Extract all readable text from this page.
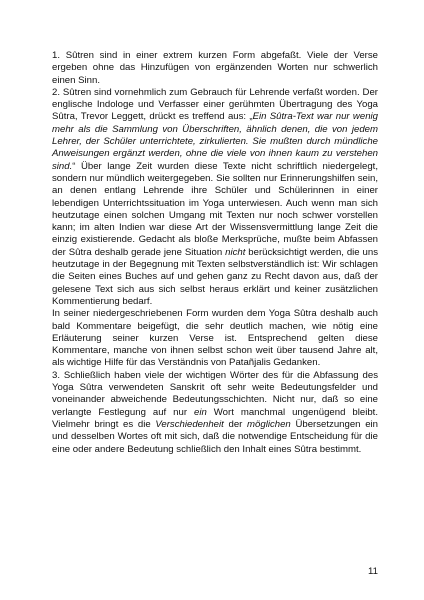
1. Sûtren sind in einer extrem kurzen Form abgefaßt. Viele der Verse ergeben ohne das Hinzufügen von ergänzenden Worten nur schwerlich einen Sinn.

2. Sûtren sind vornehmlich zum Gebrauch für Lehrende verfaßt worden. Der englische Indologe und Verfasser einer gerühmten Übertragung des Yoga Sûtra, Trevor Leggett, drückt es treffend aus: „Ein Sûtra-Text war nur wenig mehr als die Sammlung von Überschriften, ähnlich denen, die von jedem Lehrer, der Schüler unterrichtete, zirkulierten. Sie mußten durch mündliche Anweisungen ergänzt werden, ohne die viele von ihnen kaum zu verstehen sind.“ Über lange Zeit wurden diese Texte nicht schriftlich niedergelegt, sondern nur mündlich weitergegeben. Sie sollten nur Erinnerungshilfen sein, an denen entlang Lehrende ihre Schüler und Schülerinnen in einer lebendigen Unterrichtssituation im Yoga unterwiesen. Auch wenn man sich heutzutage einen solchen Umgang mit Texten nur noch schwer vorstellen kann; im alten Indien war diese Art der Wissensvermittlung lange Zeit die einzig existierende. Gedacht als bloße Merksprüche, mußte beim Abfassen der Sûtra deshalb gerade jene Situation nicht berücksichtigt werden, die uns heutzutage in der Begegnung mit Texten selbstverständlich ist: Wir schlagen die Seiten eines Buches auf und gehen ganz zu Recht davon aus, daß der gelesene Text sich aus sich selbst heraus erklärt und keiner zusätzlichen Kommentierung bedarf.

In seiner niedergeschriebenen Form wurden dem Yoga Sûtra deshalb auch bald Kommentare beigefügt, die sehr deutlich machen, wie nötig eine Erläuterung seiner kurzen Verse ist. Entsprechend gelten diese Kommentare, manche von ihnen selbst schon weit über tausend Jahre alt, als wichtige Hilfe für das Verständnis von Patañjalis Gedanken.

3. Schließlich haben viele der wichtigen Wörter des für die Abfassung des Yoga Sûtra verwendeten Sanskrit oft sehr weite Bedeutungsfelder und voneinander abweichende Bedeutungsschichten. Nicht nur, daß so eine verlangte Festlegung auf nur ein Wort manchmal ungenügend bleibt. Vielmehr bringt es die Verschiedenheit der möglichen Übersetzungen ein und desselben Wortes oft mit sich, daß die notwendige Entscheidung für die eine oder andere Bedeutung schließlich den Inhalt eines Sûtra bestimmt.

11
